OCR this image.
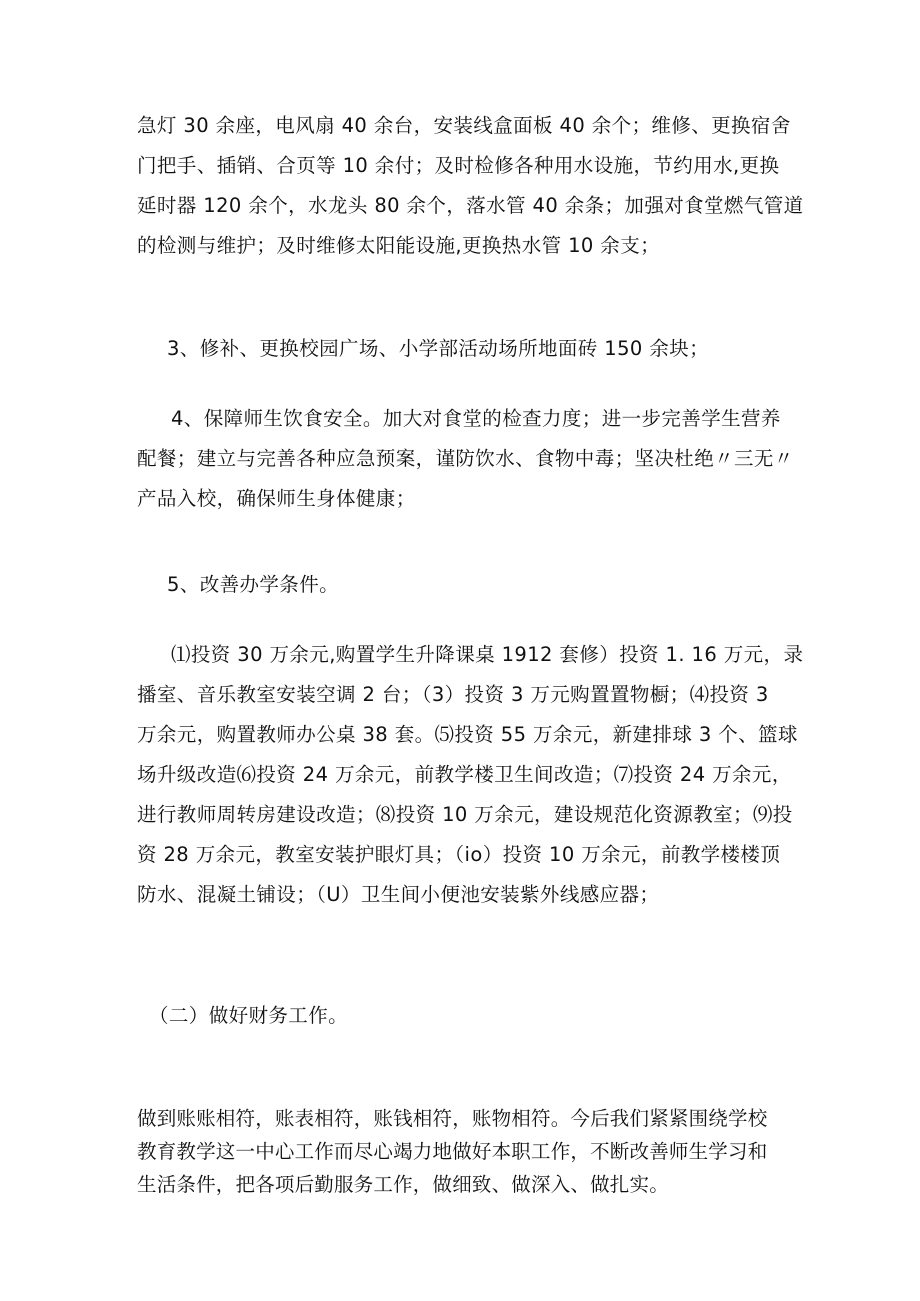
急灯 30 余座，电风扇 40 余台，安装线盒面板 40 余个；维修、更换宿舍
门把手、插销、合页等 10 余付；及时检修各种用水设施，节约用水,更换
延时器 120 余个，水龙头 80 余个，落水管 40 余条；加强对食堂燃气管道
的检测与维护；及时维修太阳能设施,更换热水管 10 余支；

3、修补、更换校园广场、小学部活动场所地面砖 150 余块；

4、保障师生饮食安全。加大对食堂的检查力度；进一步完善学生营养
配餐；建立与完善各种应急预案，谨防饮水、食物中毒；坚决杜绝〃三无〃
产品入校，确保师生身体健康；

5、改善办学条件。

⑴投资 30 万余元,购置学生升降课桌 1912 套修）投资 1. 16 万元，录
播室、音乐教室安装空调 2 台；（3）投资 3 万元购置置物橱；⑷投资 3
万余元，购置教师办公桌 38 套。⑸投资 55 万余元，新建排球 3 个、篮球
场升级改造⑹投资 24 万余元，前教学楼卫生间改造；⑺投资 24 万余元，
进行教师周转房建设改造；⑻投资 10 万余元，建设规范化资源教室；⑼投
资 28 万余元，教室安装护眼灯具；（io）投资 10 万余元，前教学楼楼顶
防水、混凝土铺设；（U）卫生间小便池安装紫外线感应器；

（二）做好财务工作。

做到账账相符，账表相符，账钱相符，账物相符。今后我们紧紧围绕学校
教育教学这一中心工作而尽心竭力地做好本职工作，不断改善师生学习和
生活条件，把各项后勤服务工作，做细致、做深入、做扎实。
